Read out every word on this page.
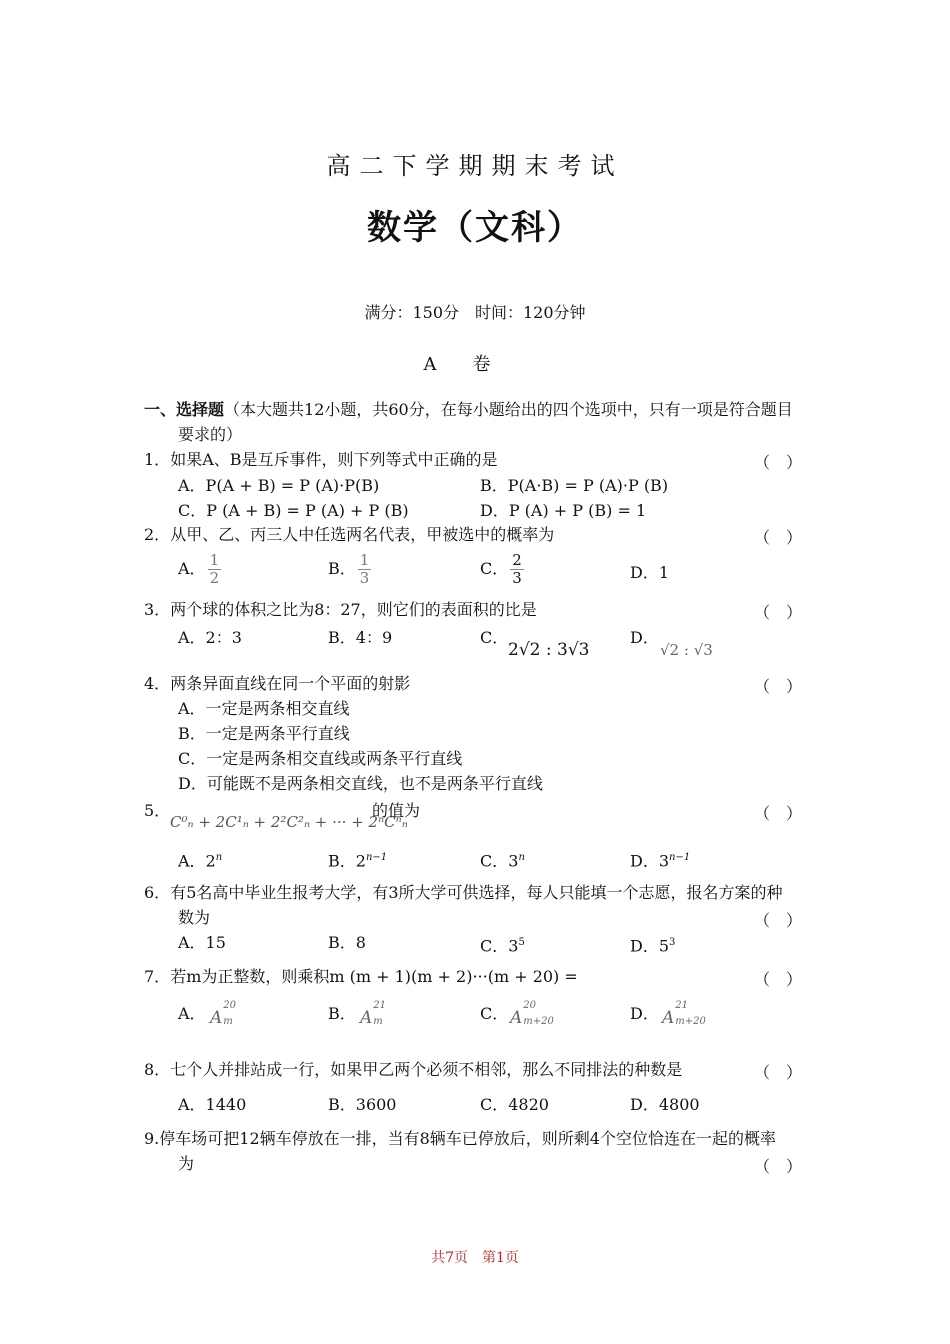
高二下学期期末考试
数学（文科）
满分：150分　时间：120分钟
A卷
一、选择题（本大题共12小题，共60分，在每小题给出的四个选项中，只有一项是符合题目
要求的）
1．如果A、B是互斥事件，则下列等式中正确的是	（　）
A．P(A + B) = P (A)·P(B)	B．P(A·B) = P (A)·P (B)
C．P (A + B) = P (A) + P (B)	D．P (A) + P (B) = 1
2．从甲、乙、丙三人中任选两名代表，甲被选中的概率为	（　）
A． $\frac{1}{2}$	B． $\frac{1}{3}$	C． $\frac{2}{3}$	D．1
3．两个球的体积之比为8：27，则它们的表面积的比是	（　）
A．2：3	B．4：9	C．
2√2 : 3√3
D．
√2 : √3
4．两条异面直线在同一个平面的射影	（　）
A．一定是两条相交直线
B．一定是两条平行直线
C．一定是两条相交直线或两条平行直线
D．可能既不是两条相交直线，也不是两条平行直线
5．
C⁰ₙ + 2C¹ₙ + 2²C²ₙ + ··· + 2ⁿCⁿₙ
的值为	（　）
A．2$^n$	B．$2^{n-1}$	C．3$^n$	D．$3^{n-1}$
6．有5名高中毕业生报考大学，有3所大学可供选择，每人只能填一个志愿，报名方案的种
数为	（　）
A．15	B．8	C．$3^5$	D．$5^3$
7．若m为正整数，则乘积m (m + 1)(m + 2)···(m + 20) =	（　）
A． A
20
m	B． A
21
m	C． A
20
m+20	D． A
21
m+20
8．七个人并排站成一行，如果甲乙两个必须不相邻，那么不同排法的种数是	（　）
A．1440	B．3600	C．4820	D．4800
9.停车场可把12辆车停放在一排，当有8辆车已停放后，则所剩4个空位恰连在一起的概率
为	（　）
共7页　第1页
